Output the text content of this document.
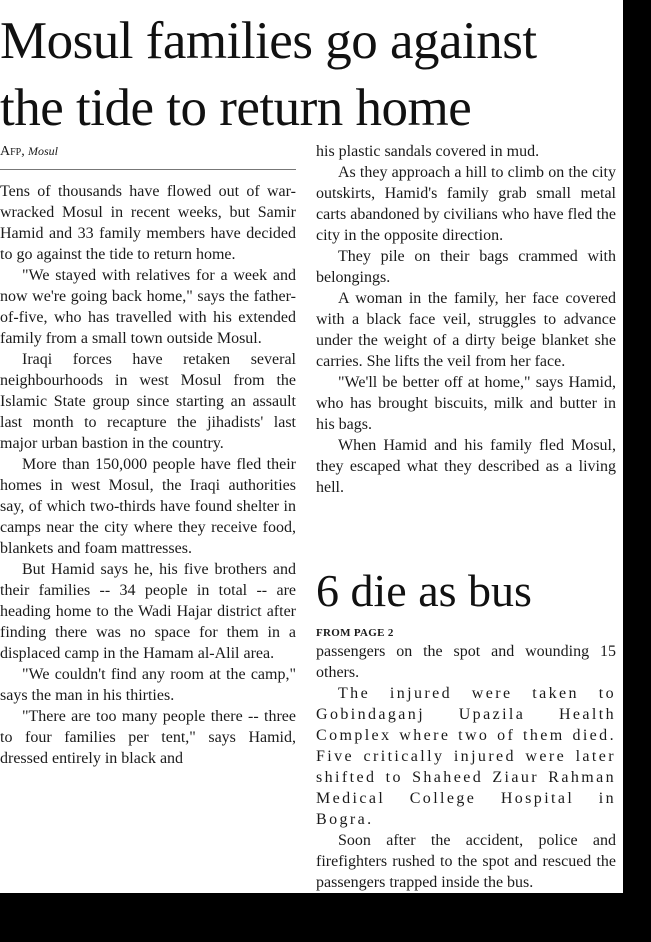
Mosul families go against
the tide to return home
Afp, Mosul

Tens of thousands have flowed out of war-wracked Mosul in recent weeks, but Samir Hamid and 33 family members have decided to go against the tide to return home.

"We stayed with relatives for a week and now we're going back home," says the father-of-five, who has travelled with his extended family from a small town outside Mosul.

Iraqi forces have retaken several neighbourhoods in west Mosul from the Islamic State group since starting an assault last month to recapture the jihadists' last major urban bastion in the country.

More than 150,000 people have fled their homes in west Mosul, the Iraqi authorities say, of which two-thirds have found shelter in camps near the city where they receive food, blankets and foam mattresses.

But Hamid says he, his five brothers and their families -- 34 people in total -- are heading home to the Wadi Hajar district after finding there was no space for them in a displaced camp in the Hamam al-Alil area.

"We couldn't find any room at the camp," says the man in his thirties.

"There are too many people there -- three to four families per tent," says Hamid, dressed entirely in black and

his plastic sandals covered in mud.

As they approach a hill to climb on the city outskirts, Hamid's family grab small metal carts abandoned by civilians who have fled the city in the opposite direction.

They pile on their bags crammed with belongings.

A woman in the family, her face covered with a black face veil, struggles to advance under the weight of a dirty beige blanket she carries. She lifts the veil from her face.

"We'll be better off at home," says Hamid, who has brought biscuits, milk and butter in his bags.

When Hamid and his family fled Mosul, they escaped what they described as a living hell.

6 die as bus
FROM PAGE 2

passengers on the spot and wounding 15 others.

The injured were taken to Gobindaganj Upazila Health Complex where two of them died. Five critically injured were later shifted to Shaheed Ziaur Rahman Medical College Hospital in Bogra.

Soon after the accident, police and firefighters rushed to the spot and rescued the passengers trapped inside the bus.
